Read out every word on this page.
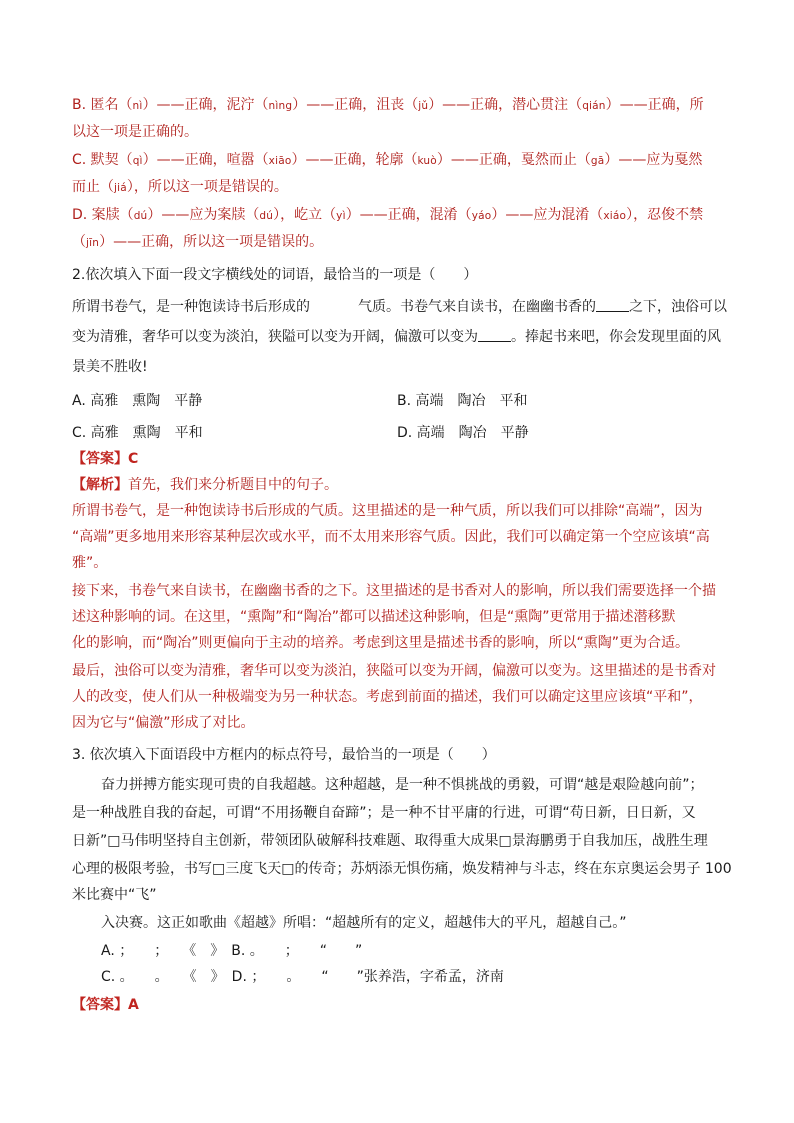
B. 匿名（nì）——正确，泥泞（nìng）——正确，沮丧（jǔ）——正确，潜心贯注（qián）——正确，所
以这一项是正确的。
C. 默契（qì）——正确，喧嚣（xiāo）——正确，轮廓（kuò）——正确，戛然而止（gā）——应为戛然
而止（jiá），所以这一项是错误的。
D. 案牍（dú）——应为案牍（dú），屹立（yì）——正确，混淆（yáo）——应为混淆（xiáo），忍俊不禁
（jīn）——正确，所以这一项是错误的。
2.依次填入下面一段文字横线处的词语，最恰当的一项是（　　）
所谓书卷气，是一种饱读诗书后形成的	气质。书卷气来自读书，在幽幽书香的 之下，浊俗可以
变为清雅，奢华可以变为淡泊，狭隘可以变为开阔，偏激可以变为 。捧起书来吧，你会发现里面的风
景美不胜收!
A. 高雅　熏陶　平静	B. 高端　陶冶　平和
C. 高雅　熏陶　平和	D. 高端　陶冶　平静
【答案】C
【解析】首先，我们来分析题目中的句子。
所谓书卷气，是一种饱读诗书后形成的气质。这里描述的是一种气质，所以我们可以排除“高端”，因为
“高端”更多地用来形容某种层次或水平，而不太用来形容气质。因此，我们可以确定第一个空应该填“高
雅”。
接下来，书卷气来自读书，在幽幽书香的之下。这里描述的是书香对人的影响，所以我们需要选择一个描
述这种影响的词。在这里，“熏陶”和“陶冶”都可以描述这种影响，但是“熏陶”更常用于描述潜移默
化的影响，而“陶冶”则更偏向于主动的培养。考虑到这里是描述书香的影响，所以“熏陶”更为合适。
最后，浊俗可以变为清雅，奢华可以变为淡泊，狭隘可以变为开阔，偏激可以变为。这里描述的是书香对
人的改变，使人们从一种极端变为另一种状态。考虑到前面的描述，我们可以确定这里应该填“平和”，
因为它与“偏激”形成了对比。
3. 依次填入下面语段中方框内的标点符号，最恰当的一项是（　　）
奋力拼搏方能实现可贵的自我超越。这种超越，是一种不惧挑战的勇毅，可谓“越是艰险越向前”；
是一种战胜自我的奋起，可谓“不用扬鞭自奋蹄”；是一种不甘平庸的行进，可谓“苟日新，日日新，又
日新”□马伟明坚持自主创新，带领团队破解科技难题、取得重大成果□景海鹏勇于自我加压，战胜生理
心理的极限考验，书写□三度飞天□的传奇；苏炳添无惧伤痛，焕发精神与斗志，终在东京奥运会男子 100
米比赛中“飞”
入决赛。这正如歌曲《超越》所唱：“超越所有的定义，超越伟大的平凡，超越自己。”
A. ；　　；　　《　》　B. 。　　；　　“　　”
C. 。　　。　　《　》　D. ；　　。　　“　　”张养浩，字希孟，济南
【答案】A
